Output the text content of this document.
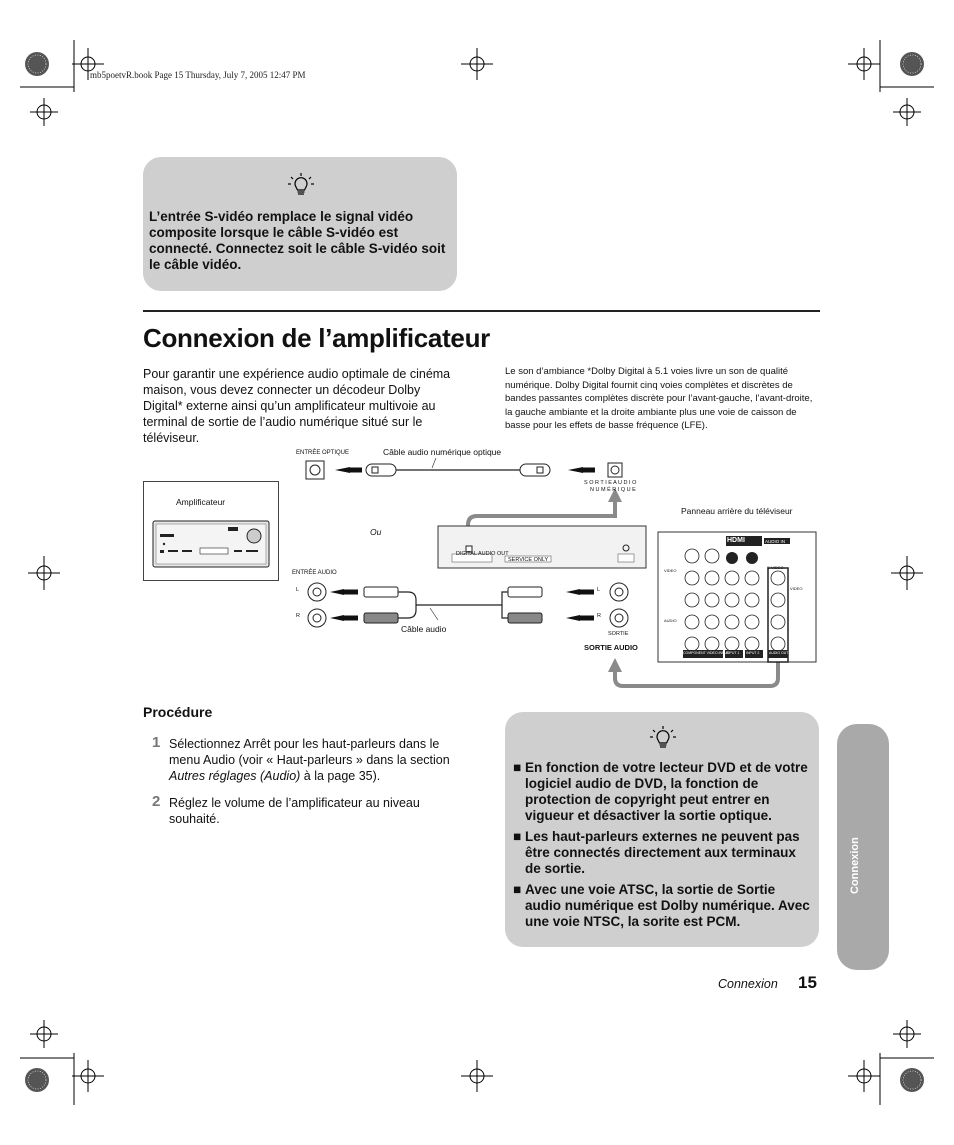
mb5poetvR.book Page 15 Thursday, July 7, 2005 12:47 PM
L’entrée S-vidéo remplace le signal vidéo composite lorsque le câble S-vidéo est connecté. Connectez soit le câble S-vidéo soit le câble vidéo.
Connexion de l’amplificateur
Pour garantir une expérience audio optimale de cinéma maison, vous devez connecter un décodeur Dolby Digital* externe ainsi qu’un amplificateur multivoie au terminal de sortie de l’audio numérique situé sur le téléviseur.
Le son d’ambiance *Dolby Digital à 5.1 voies livre un son de qualité numérique. Dolby Digital fournit cinq voies complètes et discrètes de bandes passantes complètes discrète pour l’avant-gauche, l’avant-droite, la gauche ambiante et la droite ambiante plus une voie de caisson de basse pour les effets de basse fréquence (LFE).
Amplificateur
ENTRÉE OPTIQUE	Câble audio numérique optique
S O R T I E A U D I O
N U M É R I Q U E
Panneau arrière du téléviseur
Ou
DIGITAL AUDIO OUT
SERVICE ONLY
HDMI	AUDIO IN
ENTRÉE AUDIO
L
R
L
R
Câble audio	SORTIE
SORTIE AUDIO
VIDEO
AUDIO
S-VIDEO
VIDEO
COMPONENT VIDEO INPUT
INPUT 1 INPUT 2	AUDIO OUT
Procédure
1 Sélectionnez Arrêt pour les haut-parleurs dans le menu Audio (voir « Haut-parleurs » dans la section Autres réglages (Audio) à la page 35).
2 Réglez le volume de l’amplificateur au niveau souhaité.
■ En fonction de votre lecteur DVD et de votre logiciel audio de DVD, la fonction de protection de copyright peut entrer en vigueur et désactiver la sortie optique.
■ Les haut-parleurs externes ne peuvent pas être connectés directement aux terminaux de sortie.
■ Avec une voie ATSC, la sortie de Sortie audio numérique est Dolby numérique. Avec une voie NTSC, la sorite est PCM.
Connexion
Connexion 15
